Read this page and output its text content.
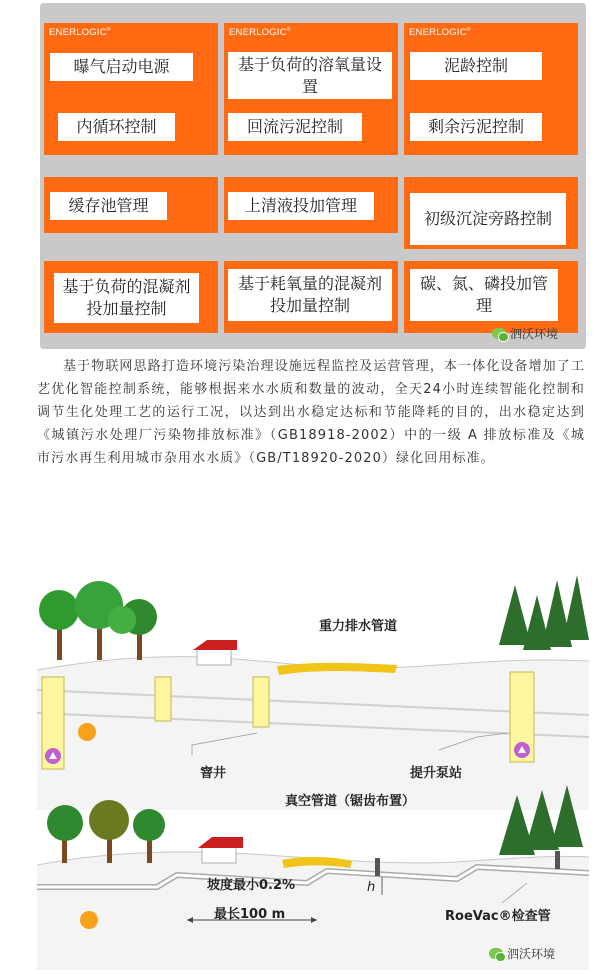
ENERLOGIC®
曝气启动电源
ENERLOGIC®
基于负荷的溶氧量设置
ENERLOGIC®
泥龄控制
内循环控制	回流污泥控制	剩余污泥控制
缓存池管理	上清液投加管理
初级沉淀旁路控制
基于负荷的混凝剂投加量控制
基于耗氧量的混凝剂投加量控制
碳、氮、磷投加管理
泗沃环境

基于物联网思路打造环境污染治理设施远程监控及运营管理，本一体化设备增加了工艺优化智能控制系统，能够根据来水水质和数量的波动，全天24小时连续智能化控制和调节生化处理工艺的运行工况，以达到出水稳定达标和节能降耗的目的，出水稳定达到《城镇污水处理厂污染物排放标准》（GB18918-2002）中的一级 A 排放标准及《城市污水再生利用城市杂用水水质》（GB/T18920-2020）绿化回用标准。

重力排水管道
窨井	提升泵站
真空管道（锯齿布置）
坡度最小0.2%
最长100 m
h
RoeVac®检查管
泗沃环境
